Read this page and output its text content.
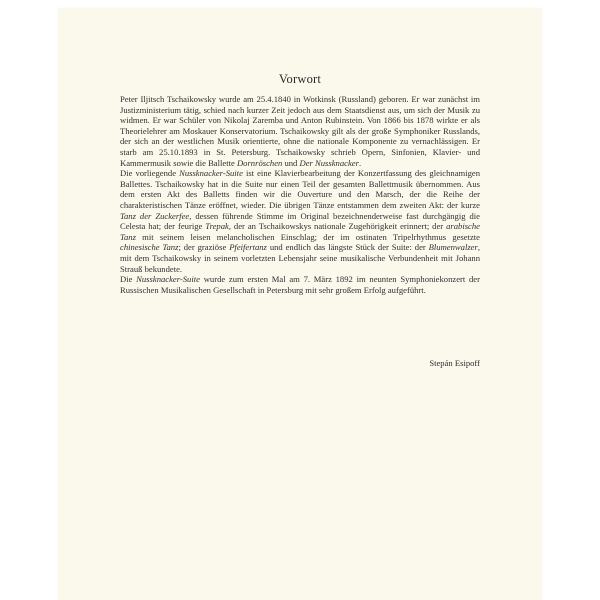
Vorwort

Peter Iljitsch Tschaikowsky wurde am 25.4.1840 in Wotkinsk (Russland) geboren. Er war zunächst im Justizministerium tätig, schied nach kurzer Zeit jedoch aus dem Staatsdienst aus, um sich der Musik zu widmen. Er war Schüler von Nikolaj Zaremba und Anton Rubinstein. Von 1866 bis 1878 wirkte er als Theorielehrer am Moskauer Konservatorium. Tschaikowsky gilt als der große Symphoniker Russlands, der sich an der westlichen Musik orientierte, ohne die nationale Komponente zu vernachlässigen. Er starb am 25.10.1893 in St. Petersburg. Tschaikowsky schrieb Opern, Sinfonien, Klavier- und Kammermusik sowie die Ballette Dornröschen und Der Nussknacker.

Die vorliegende Nussknacker-Suite ist eine Klavierbearbeitung der Konzertfassung des gleichnamigen Ballettes. Tschaikowsky hat in die Suite nur einen Teil der gesamten Ballettmusik übernommen. Aus dem ersten Akt des Balletts finden wir die Ouverture und den Marsch, der die Reihe der charakteristischen Tänze eröffnet, wieder. Die übrigen Tänze entstammen dem zweiten Akt: der kurze Tanz der Zuckerfee, dessen führende Stimme im Original bezeichnenderweise fast durchgängig die Celesta hat; der feurige Trepak, der an Tschaikowskys nationale Zugehörigkeit erinnert; der arabische Tanz mit seinem leisen melancholischen Einschlag; der im ostinaten Tripelrhythmus gesetzte chinesische Tanz; der graziöse Pfeifertanz und endlich das längste Stück der Suite: der Blumenwalzer, mit dem Tschaikowsky in seinem vorletzten Lebensjahr seine musikalische Verbundenheit mit Johann Strauß bekundete.

Die Nussknacker-Suite wurde zum ersten Mal am 7. März 1892 im neunten Symphoniekonzert der Russischen Musikalischen Gesellschaft in Petersburg mit sehr großem Erfolg aufgeführt.

Stepán Esipoff
